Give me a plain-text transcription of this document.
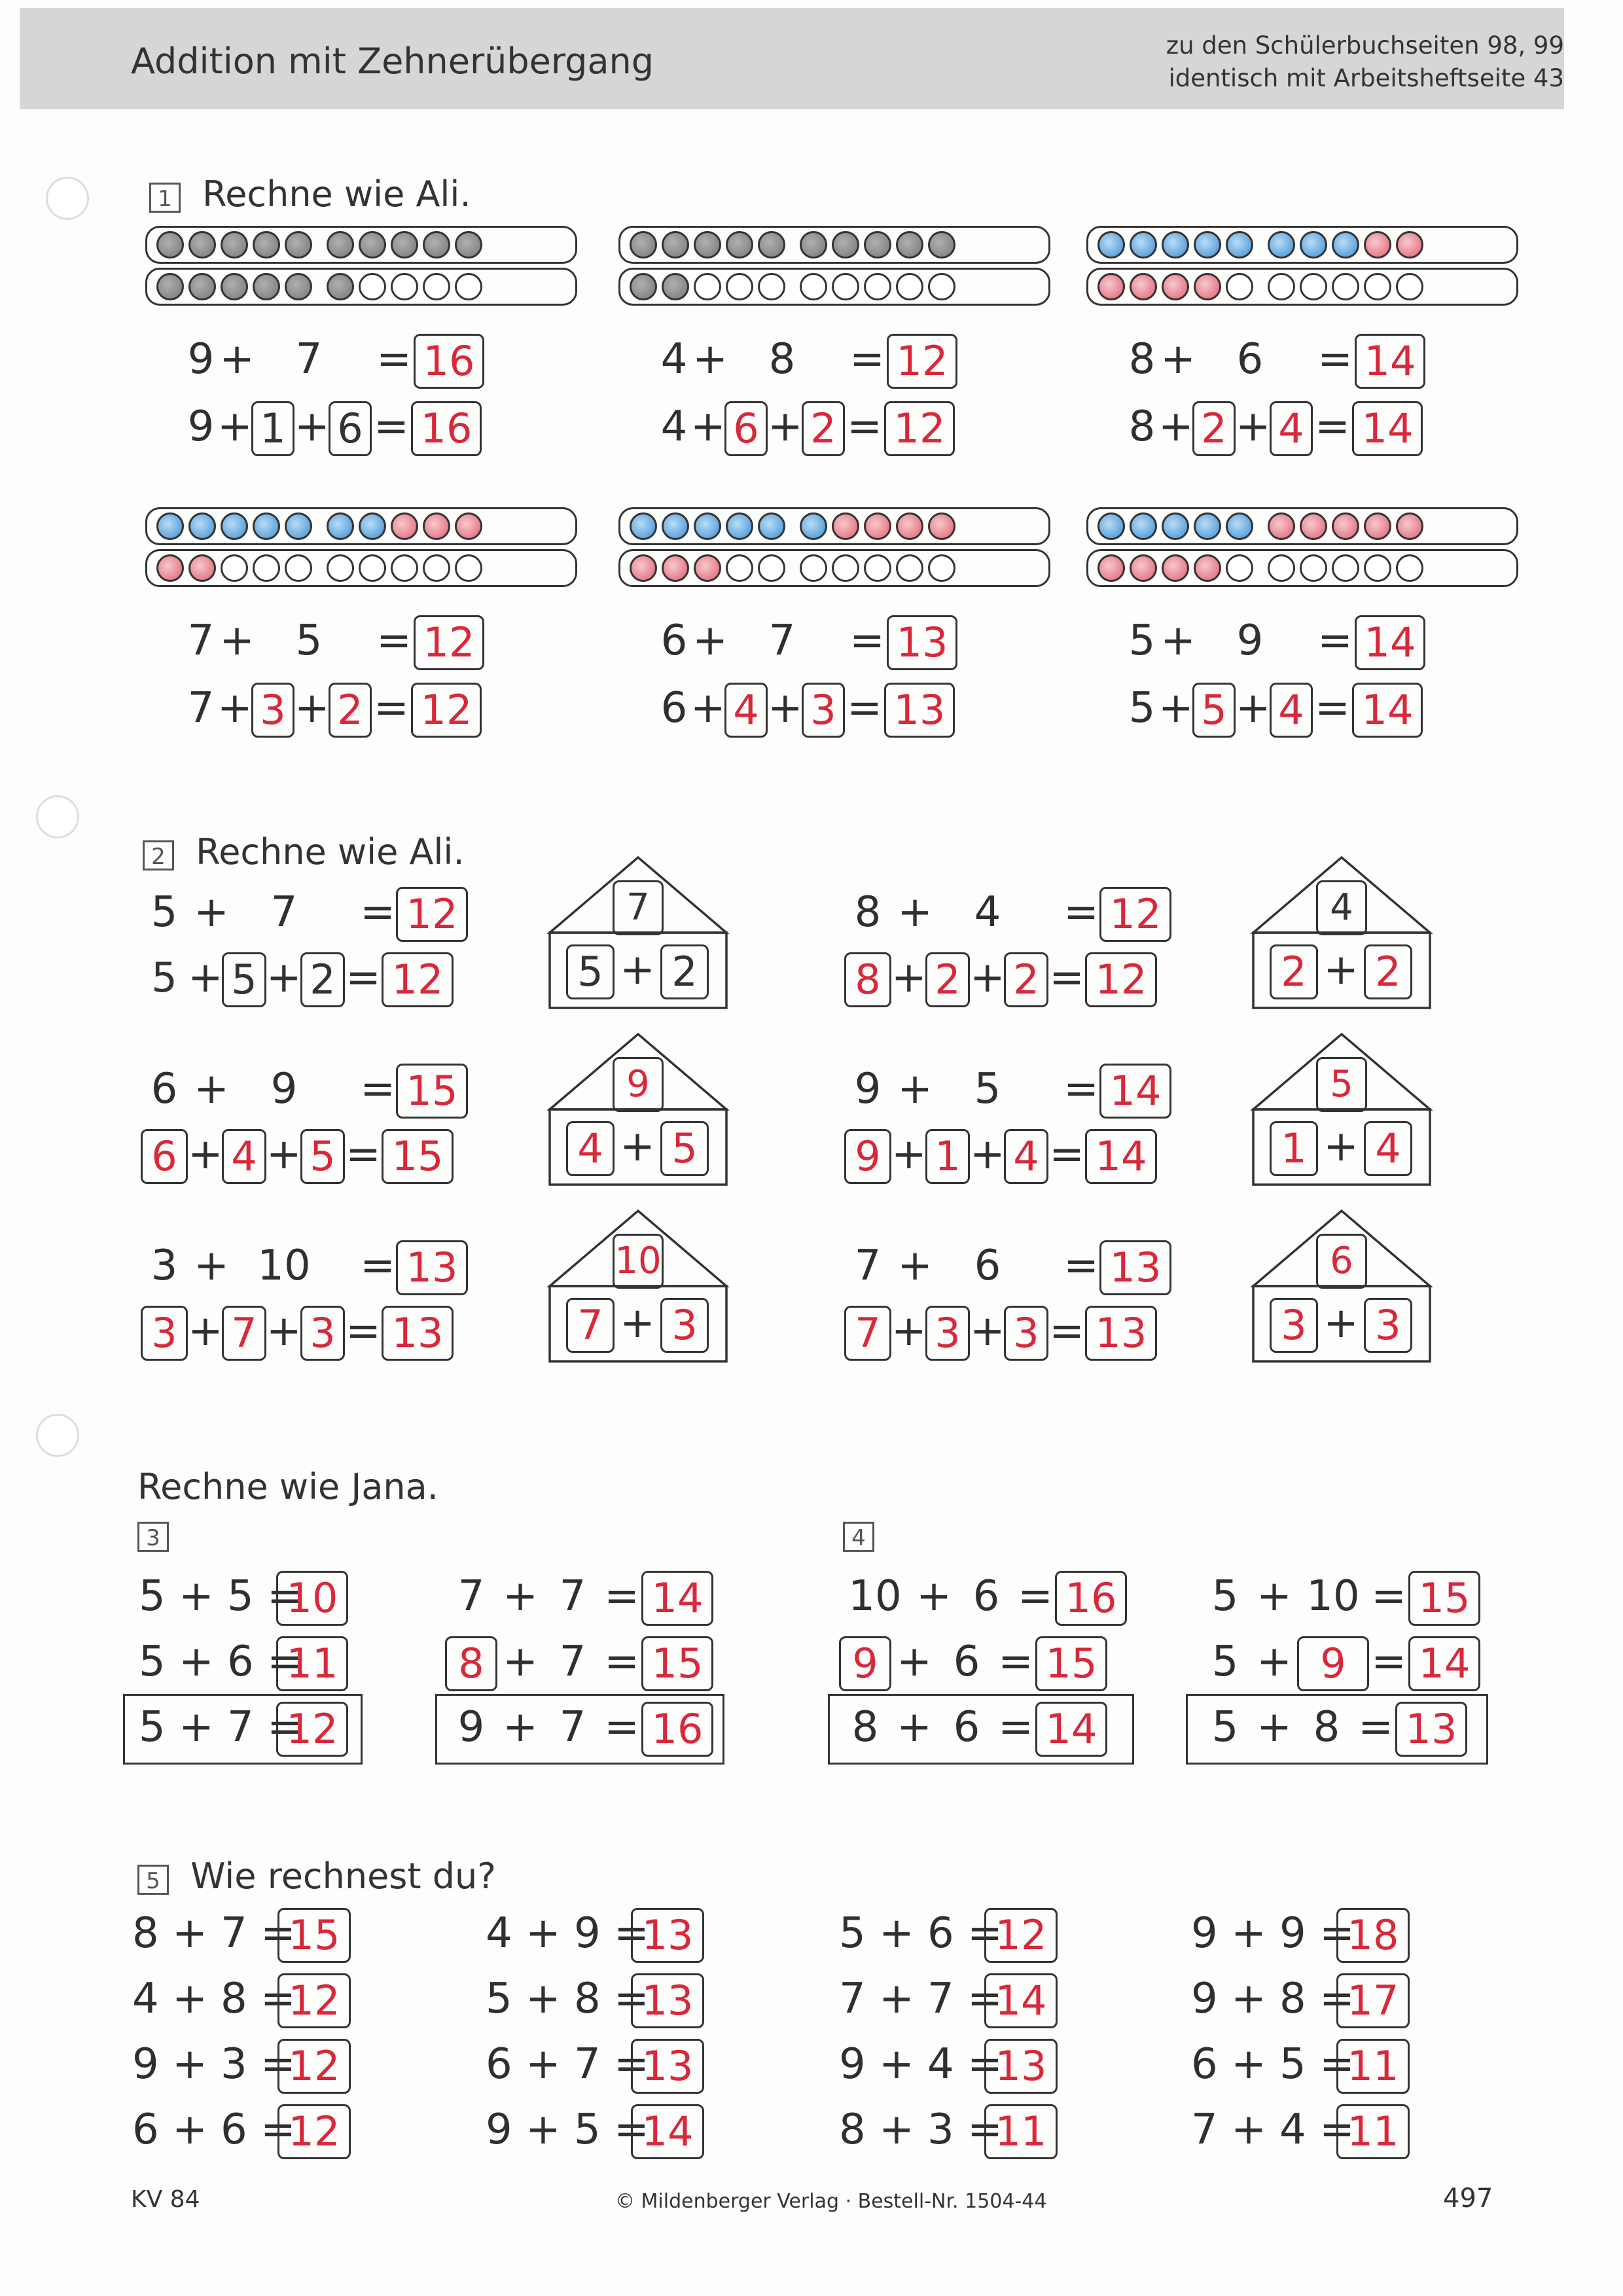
Addition mit Zehnerübergang	zu den Schülerbuchseiten 98, 99
identisch mit Arbeitsheftseite 43
1 Rechne wie Ali.
9 + 7 = 16
9+ 1 + 6 = 16
4 + 8 = 12
4+ 6 + 2 = 12
8 + 6 = 14
8+ 2 + 4 = 14
7 + 5 = 12
7+ 3 + 2 = 12
6 + 7 = 13
6+ 4 + 3 = 13
5 + 9 = 14
5+ 5 + 4 = 14
2 Rechne wie Ali.
5 + 7 = 12
5 + 5 + 2 = 12
7
5 + 2
8 + 4 = 12
8 + 2 + 2 = 12
4
2 + 2
6 + 9 = 15
6 + 4 + 5 = 15
9
4 + 5
9 + 5 = 14
9 + 1 + 4 = 14
5
1 + 4
3 + 10 = 13
3 + 7 + 3 = 13
10
7 + 3
7 + 6 = 13
7 + 3 + 3 = 13
6
3 + 3
Rechne wie Jana.
3	4
5 + 5 =10
5 + 6 =11
5 + 7 =12
7 + 7 = 14
8 + 7 = 15
9 + 7 = 16
10 + 6 = 16
9 + 6 = 15
8 + 6 = 14
5 + 10 = 15
5 + 9 = 14
5 + 8 = 13
5 Wie rechnest du?
8 + 7 =15
4 + 8 =12
9 + 3 =12
6 + 6 =12
4 + 9 =13
5 + 8 =13
6 + 7 =13
9 + 5 =14
5 + 6 =12
7 + 7 =14
9 + 4 =13
8 + 3 =11
9 + 9 =18
9 + 8 =17
6 + 5 =11
7 + 4 =11
KV 84	© Mildenberger Verlag · Bestell-Nr. 1504-44	497
